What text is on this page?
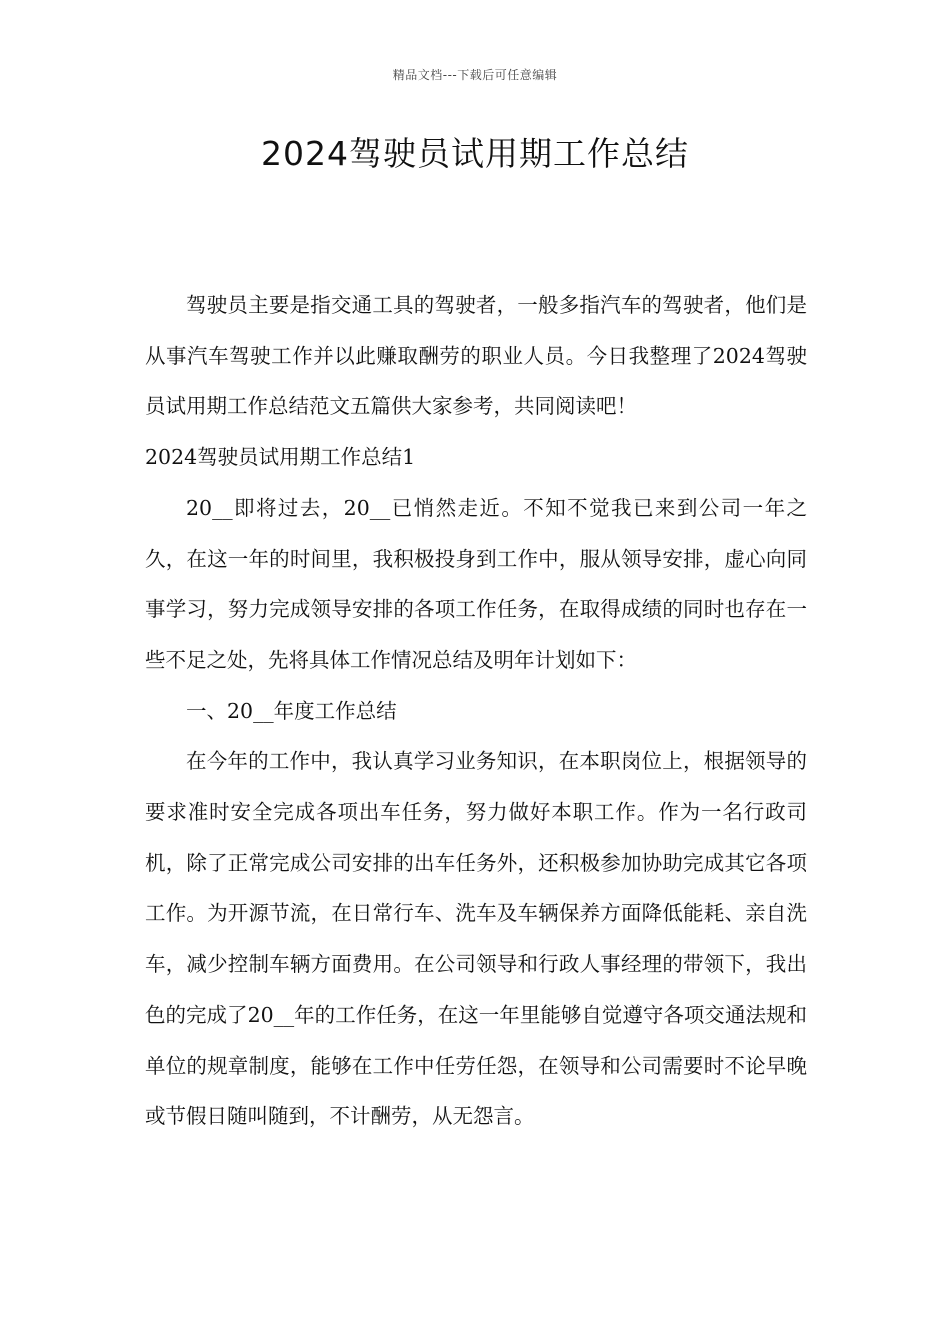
精品文档---下载后可任意编辑
2024驾驶员试用期工作总结

驾驶员主要是指交通工具的驾驶者，一般多指汽车的驾驶者，他们是从事汽车驾驶工作并以此赚取酬劳的职业人员。今日我整理了2024驾驶员试用期工作总结范文五篇供大家参考，共同阅读吧！

2024驾驶员试用期工作总结1

20__即将过去，20__已悄然走近。不知不觉我已来到公司一年之久，在这一年的时间里，我积极投身到工作中，服从领导安排，虚心向同事学习，努力完成领导安排的各项工作任务，在取得成绩的同时也存在一些不足之处，先将具体工作情况总结及明年计划如下：

一、20__年度工作总结

在今年的工作中，我认真学习业务知识，在本职岗位上，根据领导的要求准时安全完成各项出车任务，努力做好本职工作。作为一名行政司机，除了正常完成公司安排的出车任务外，还积极参加协助完成其它各项工作。为开源节流，在日常行车、洗车及车辆保养方面降低能耗、亲自洗车，减少控制车辆方面费用。在公司领导和行政人事经理的带领下，我出色的完成了20__年的工作任务，在这一年里能够自觉遵守各项交通法规和单位的规章制度，能够在工作中任劳任怨，在领导和公司需要时不论早晚或节假日随叫随到，不计酬劳，从无怨言。
